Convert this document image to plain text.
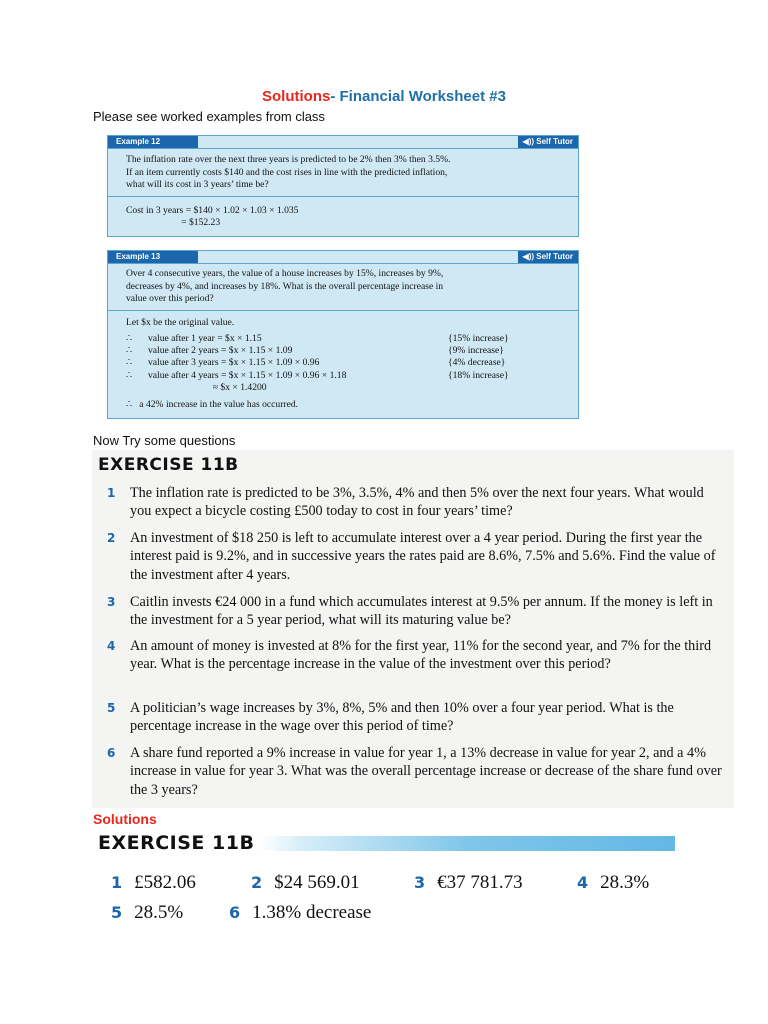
Solutions- Financial Worksheet #3
Please see worked examples from class
Example 12	◀)) Self Tutor
The inflation rate over the next three years is predicted to be 2% then 3% then 3.5%.
If an item currently costs $140 and the cost rises in line with the predicted inflation,
what will its cost in 3 years’ time be?
Cost in 3 years = $140 × 1.02 × 1.03 × 1.035
= $152.23
Example 13	◀)) Self Tutor
Over 4 consecutive years, the value of a house increases by 15%, increases by 9%,
decreases by 4%, and increases by 18%. What is the overall percentage increase in
value over this period?
Let $x be the original value.
∴	value after 1 year = $x × 1.15	{15% increase}
∴	value after 2 years = $x × 1.15 × 1.09	{9% increase}
∴	value after 3 years = $x × 1.15 × 1.09 × 0.96	{4% decrease}
∴	value after 4 years = $x × 1.15 × 1.09 × 0.96 × 1.18	{18% increase}
≈ $x × 1.4200
∴   a 42% increase in the value has occurred.
Now Try some questions
EXERCISE 11B
1 The inflation rate is predicted to be 3%, 3.5%, 4% and then 5% over the next four years. What would you expect a bicycle costing £500 today to cost in four years’ time?
2 An investment of $18 250 is left to accumulate interest over a 4 year period. During the first year the interest paid is 9.2%, and in successive years the rates paid are 8.6%, 7.5% and 5.6%. Find the value of the investment after 4 years.
3 Caitlin invests €24 000 in a fund which accumulates interest at 9.5% per annum. If the money is left in the investment for a 5 year period, what will its maturing value be?
4 An amount of money is invested at 8% for the first year, 11% for the second year, and 7% for the third year. What is the percentage increase in the value of the investment over this period?
5 A politician’s wage increases by 3%, 8%, 5% and then 10% over a four year period. What is the percentage increase in the wage over this period of time?
6 A share fund reported a 9% increase in value for year 1, a 13% decrease in value for year 2, and a 4% increase in value for year 3. What was the overall percentage increase or decrease of the share fund over the 3 years?
Solutions
EXERCISE 11B
1 £582.06	2 $24 569.01	3 €37 781.73	4 28.3%
5 28.5%	6 1.38% decrease
